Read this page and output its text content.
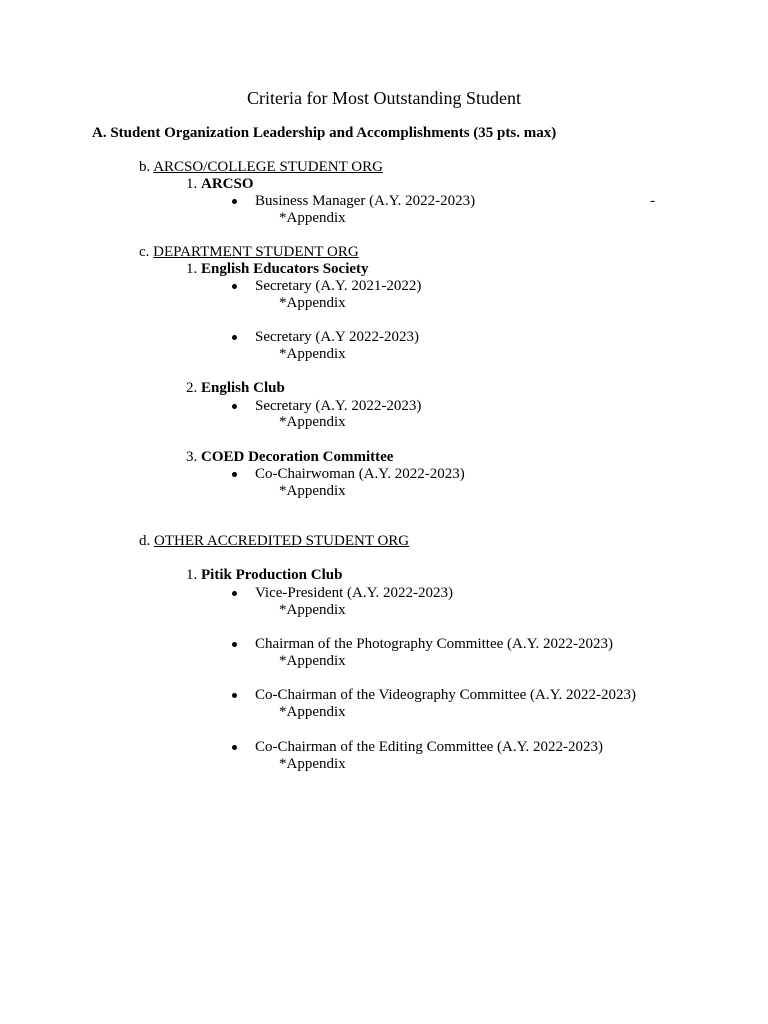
Criteria for Most Outstanding Student
A. Student Organization Leadership and Accomplishments (35 pts. max)
b. ARCSO/COLLEGE STUDENT ORG
1. ARCSO
Business Manager (A.Y. 2022-2023)	-
*Appendix
c. DEPARTMENT STUDENT ORG
1. English Educators Society
Secretary (A.Y. 2021-2022)
*Appendix
Secretary (A.Y 2022-2023)
*Appendix
2. English Club
Secretary (A.Y. 2022-2023)
*Appendix
3. COED Decoration Committee
Co-Chairwoman (A.Y. 2022-2023)
*Appendix
d. OTHER ACCREDITED STUDENT ORG
1. Pitik Production Club
Vice-President (A.Y. 2022-2023)
*Appendix
Chairman of the Photography Committee (A.Y. 2022-2023)
*Appendix
Co-Chairman of the Videography Committee (A.Y. 2022-2023)
*Appendix
Co-Chairman of the Editing Committee (A.Y. 2022-2023)
*Appendix
